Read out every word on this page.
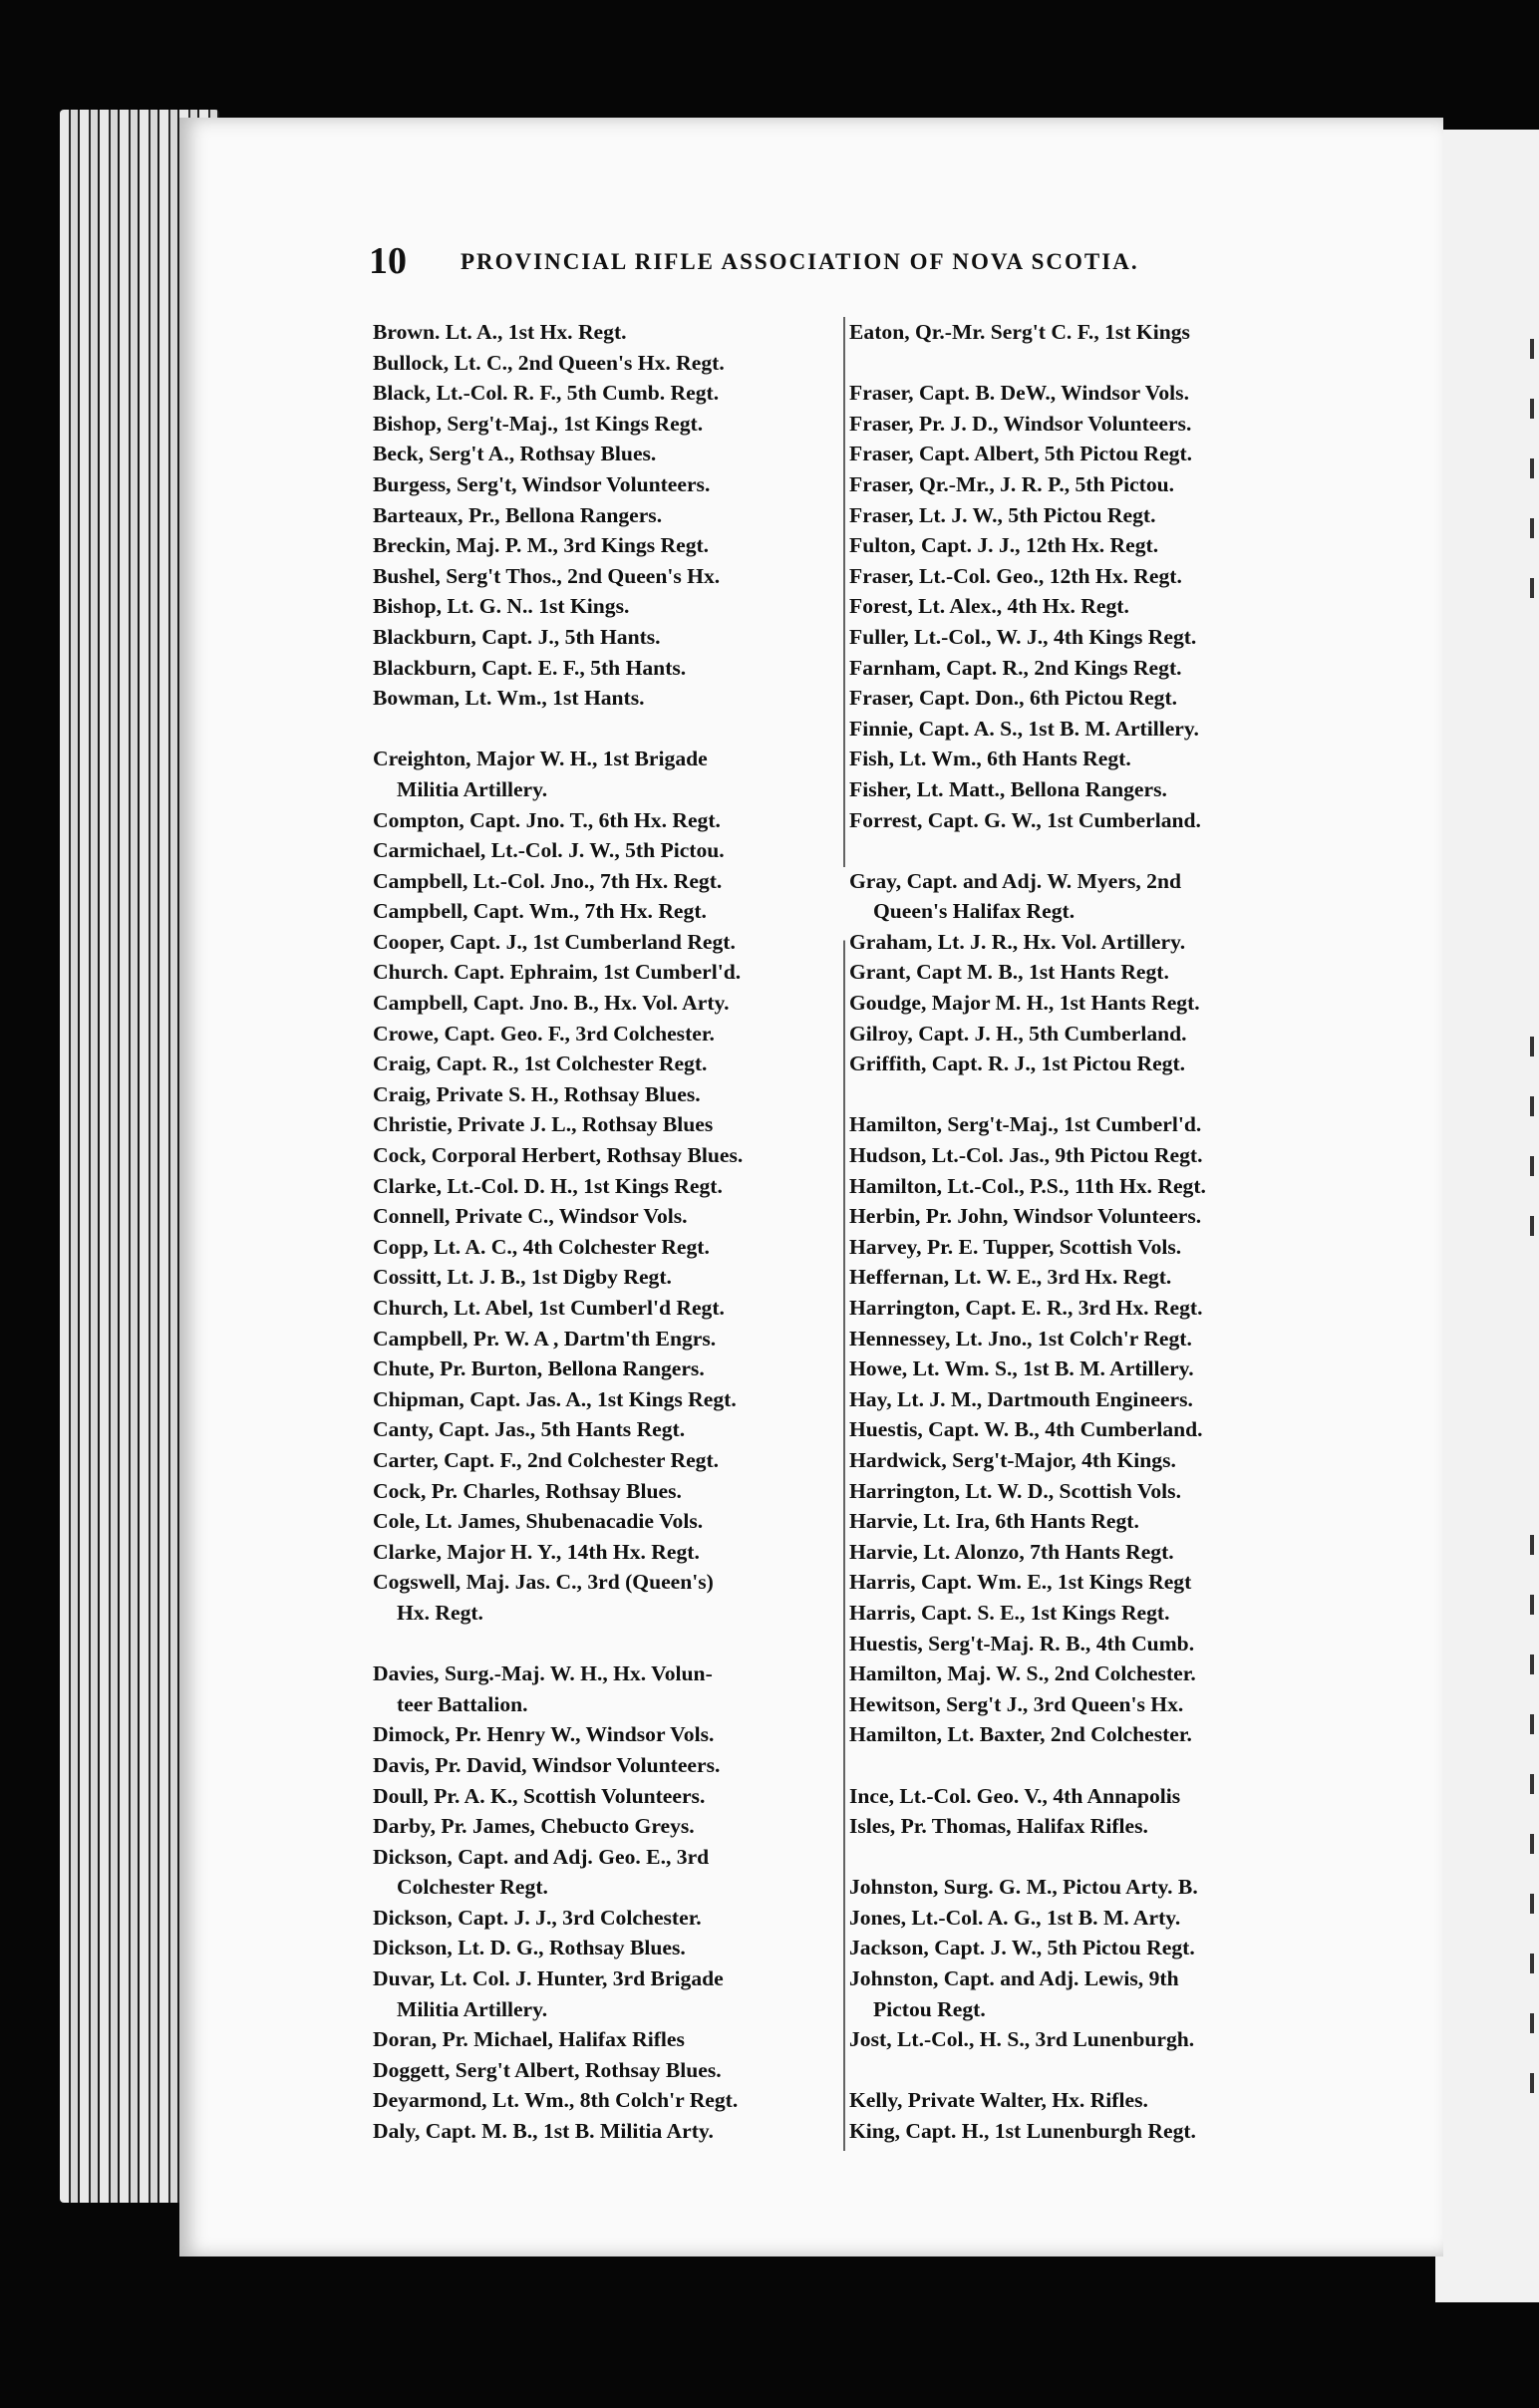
10 PROVINCIAL RIFLE ASSOCIATION OF NOVA SCOTIA.
Brown. Lt. A., 1st Hx. Regt.
Bullock, Lt. C., 2nd Queen's Hx. Regt.
Black, Lt.-Col. R. F., 5th Cumb. Regt.
Bishop, Serg't-Maj., 1st Kings Regt.
Beck, Serg't A., Rothsay Blues.
Burgess, Serg't, Windsor Volunteers.
Barteaux, Pr., Bellona Rangers.
Breckin, Maj. P. M., 3rd Kings Regt.
Bushel, Serg't Thos., 2nd Queen's Hx.
Bishop, Lt. G. N.. 1st Kings.
Blackburn, Capt. J., 5th Hants.
Blackburn, Capt. E. F., 5th Hants.
Bowman, Lt. Wm., 1st Hants.
Creighton, Major W. H., 1st Brigade
Militia Artillery.
Compton, Capt. Jno. T., 6th Hx. Regt.
Carmichael, Lt.-Col. J. W., 5th Pictou.
Campbell, Lt.-Col. Jno., 7th Hx. Regt.
Campbell, Capt. Wm., 7th Hx. Regt.
Cooper, Capt. J., 1st Cumberland Regt.
Church. Capt. Ephraim, 1st Cumberl'd.
Campbell, Capt. Jno. B., Hx. Vol. Arty.
Crowe, Capt. Geo. F., 3rd Colchester.
Craig, Capt. R., 1st Colchester Regt.
Craig, Private S. H., Rothsay Blues.
Christie, Private J. L., Rothsay Blues
Cock, Corporal Herbert, Rothsay Blues.
Clarke, Lt.-Col. D. H., 1st Kings Regt.
Connell, Private C., Windsor Vols.
Copp, Lt. A. C., 4th Colchester Regt.
Cossitt, Lt. J. B., 1st Digby Regt.
Church, Lt. Abel, 1st Cumberl'd Regt.
Campbell, Pr. W. A , Dartm'th Engrs.
Chute, Pr. Burton, Bellona Rangers.
Chipman, Capt. Jas. A., 1st Kings Regt.
Canty, Capt. Jas., 5th Hants Regt.
Carter, Capt. F., 2nd Colchester Regt.
Cock, Pr. Charles, Rothsay Blues.
Cole, Lt. James, Shubenacadie Vols.
Clarke, Major H. Y., 14th Hx. Regt.
Cogswell, Maj. Jas. C., 3rd (Queen's)
Hx. Regt.
Davies, Surg.-Maj. W. H., Hx. Volun-
teer Battalion.
Dimock, Pr. Henry W., Windsor Vols.
Davis, Pr. David, Windsor Volunteers.
Doull, Pr. A. K., Scottish Volunteers.
Darby, Pr. James, Chebucto Greys.
Dickson, Capt. and Adj. Geo. E., 3rd
Colchester Regt.
Dickson, Capt. J. J., 3rd Colchester.
Dickson, Lt. D. G., Rothsay Blues.
Duvar, Lt. Col. J. Hunter, 3rd Brigade
Militia Artillery.
Doran, Pr. Michael, Halifax Rifles
Doggett, Serg't Albert, Rothsay Blues.
Deyarmond, Lt. Wm., 8th Colch'r Regt.
Daly, Capt. M. B., 1st B. Militia Arty.
Eaton, Qr.-Mr. Serg't C. F., 1st Kings
Fraser, Capt. B. DeW., Windsor Vols.
Fraser, Pr. J. D., Windsor Volunteers.
Fraser, Capt. Albert, 5th Pictou Regt.
Fraser, Qr.-Mr., J. R. P., 5th Pictou.
Fraser, Lt. J. W., 5th Pictou Regt.
Fulton, Capt. J. J., 12th Hx. Regt.
Fraser, Lt.-Col. Geo., 12th Hx. Regt.
Forest, Lt. Alex., 4th Hx. Regt.
Fuller, Lt.-Col., W. J., 4th Kings Regt.
Farnham, Capt. R., 2nd Kings Regt.
Fraser, Capt. Don., 6th Pictou Regt.
Finnie, Capt. A. S., 1st B. M. Artillery.
Fish, Lt. Wm., 6th Hants Regt.
Fisher, Lt. Matt., Bellona Rangers.
Forrest, Capt. G. W., 1st Cumberland.
Gray, Capt. and Adj. W. Myers, 2nd
Queen's Halifax Regt.
Graham, Lt. J. R., Hx. Vol. Artillery.
Grant, Capt M. B., 1st Hants Regt.
Goudge, Major M. H., 1st Hants Regt.
Gilroy, Capt. J. H., 5th Cumberland.
Griffith, Capt. R. J., 1st Pictou Regt.
Hamilton, Serg't-Maj., 1st Cumberl'd.
Hudson, Lt.-Col. Jas., 9th Pictou Regt.
Hamilton, Lt.-Col., P.S., 11th Hx. Regt.
Herbin, Pr. John, Windsor Volunteers.
Harvey, Pr. E. Tupper, Scottish Vols.
Heffernan, Lt. W. E., 3rd Hx. Regt.
Harrington, Capt. E. R., 3rd Hx. Regt.
Hennessey, Lt. Jno., 1st Colch'r Regt.
Howe, Lt. Wm. S., 1st B. M. Artillery.
Hay, Lt. J. M., Dartmouth Engineers.
Huestis, Capt. W. B., 4th Cumberland.
Hardwick, Serg't-Major, 4th Kings.
Harrington, Lt. W. D., Scottish Vols.
Harvie, Lt. Ira, 6th Hants Regt.
Harvie, Lt. Alonzo, 7th Hants Regt.
Harris, Capt. Wm. E., 1st Kings Regt
Harris, Capt. S. E., 1st Kings Regt.
Huestis, Serg't-Maj. R. B., 4th Cumb.
Hamilton, Maj. W. S., 2nd Colchester.
Hewitson, Serg't J., 3rd Queen's Hx.
Hamilton, Lt. Baxter, 2nd Colchester.
Ince, Lt.-Col. Geo. V., 4th Annapolis
Isles, Pr. Thomas, Halifax Rifles.
Johnston, Surg. G. M., Pictou Arty. B.
Jones, Lt.-Col. A. G., 1st B. M. Arty.
Jackson, Capt. J. W., 5th Pictou Regt.
Johnston, Capt. and Adj. Lewis, 9th
Pictou Regt.
Jost, Lt.-Col., H. S., 3rd Lunenburgh.
Kelly, Private Walter, Hx. Rifles.
King, Capt. H., 1st Lunenburgh Regt.
